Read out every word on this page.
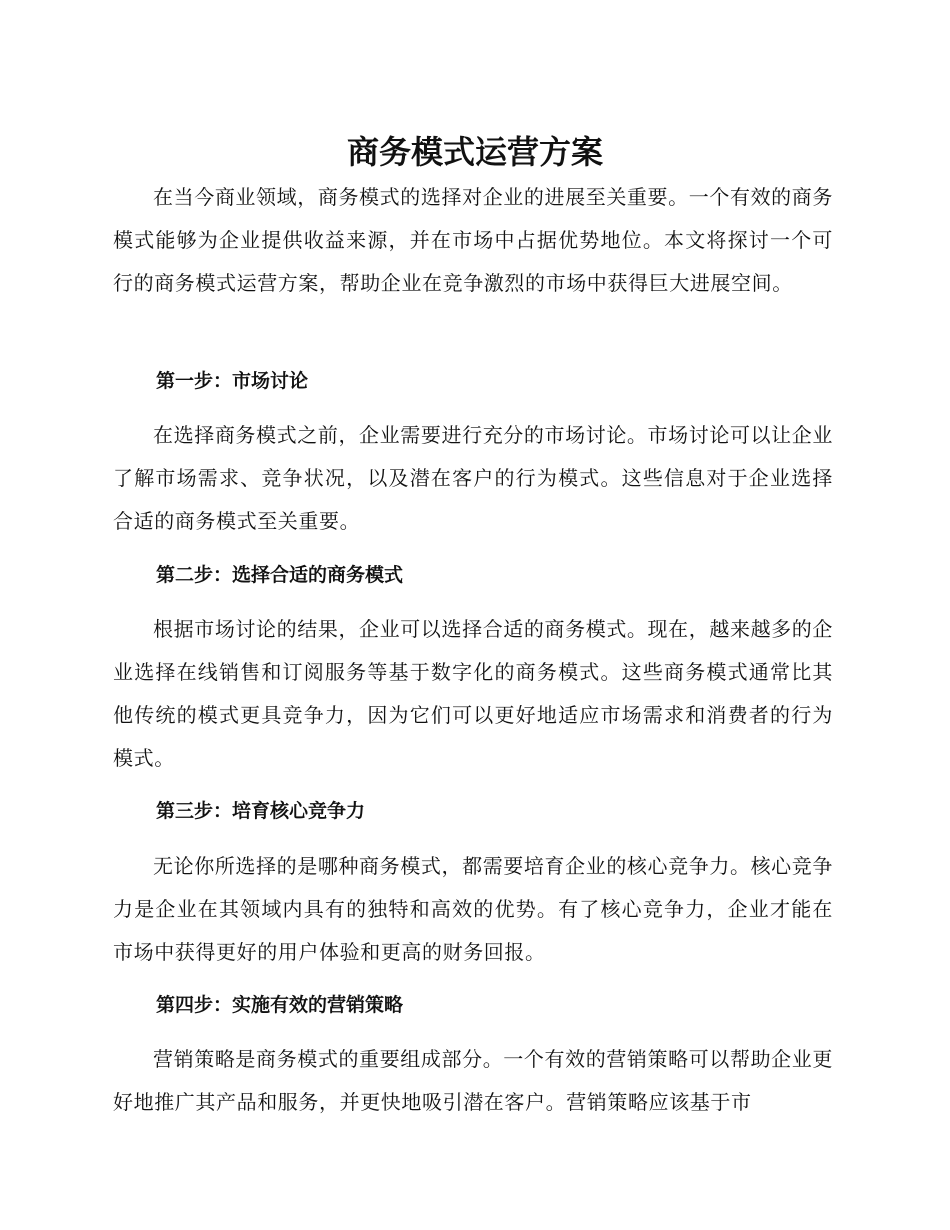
商务模式运营方案

在当今商业领域，商务模式的选择对企业的进展至关重要。一个有效的商务模式能够为企业提供收益来源，并在市场中占据优势地位。本文将探讨一个可行的商务模式运营方案，帮助企业在竞争激烈的市场中获得巨大进展空间。

第一步：市场讨论

在选择商务模式之前，企业需要进行充分的市场讨论。市场讨论可以让企业了解市场需求、竞争状况，以及潜在客户的行为模式。这些信息对于企业选择合适的商务模式至关重要。

第二步：选择合适的商务模式

根据市场讨论的结果，企业可以选择合适的商务模式。现在，越来越多的企业选择在线销售和订阅服务等基于数字化的商务模式。这些商务模式通常比其他传统的模式更具竞争力，因为它们可以更好地适应市场需求和消费者的行为模式。

第三步：培育核心竞争力

无论你所选择的是哪种商务模式，都需要培育企业的核心竞争力。核心竞争力是企业在其领域内具有的独特和高效的优势。有了核心竞争力，企业才能在市场中获得更好的用户体验和更高的财务回报。

第四步：实施有效的营销策略

营销策略是商务模式的重要组成部分。一个有效的营销策略可以帮助企业更好地推广其产品和服务，并更快地吸引潜在客户。营销策略应该基于市
